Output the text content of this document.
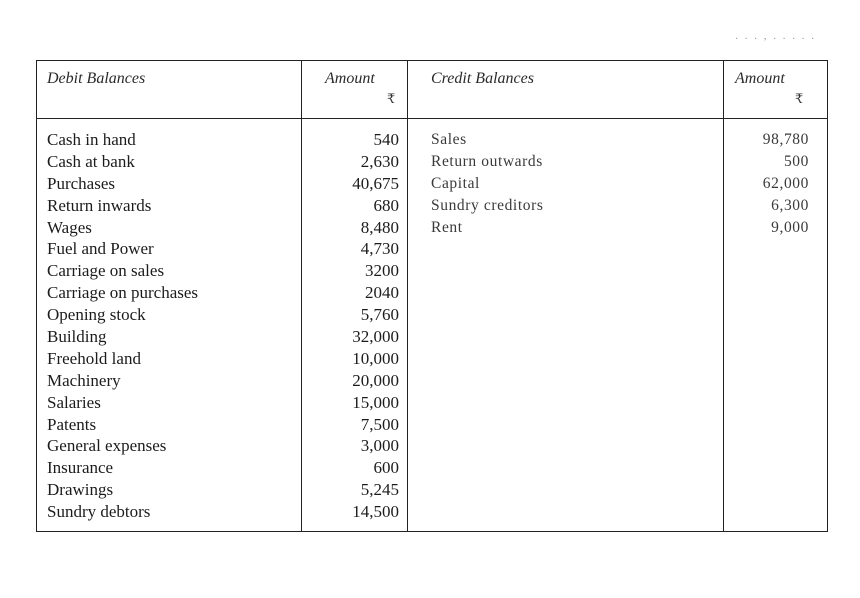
. . . , . . . . .
Debit Balances	Amount
₹
Credit Balances	Amount
₹
Cash in hand
Cash at bank
Purchases
Return inwards
Wages
Fuel and Power
Carriage on sales
Carriage on purchases
Opening stock
Building
Freehold land
Machinery
Salaries
Patents
General expenses
Insurance
Drawings
Sundry debtors
540
2,630
40,675
680
8,480
4,730
3200
2040
5,760
32,000
10,000
20,000
15,000
7,500
3,000
600
5,245
14,500
Sales
Return outwards
Capital
Sundry creditors
Rent
98,780
500
62,000
6,300
9,000
